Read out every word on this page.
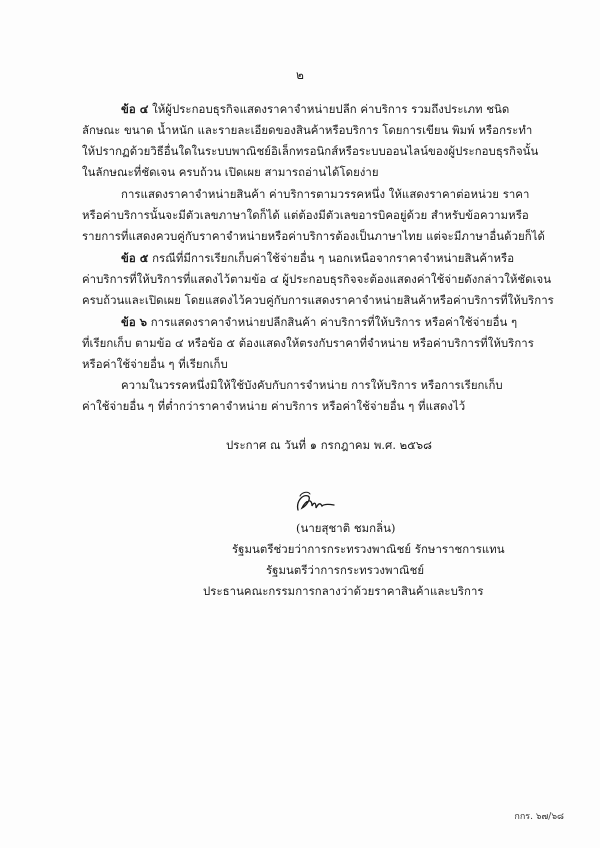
๒
ข้อ ๔ ให้ผู้ประกอบธุรกิจแสดงราคาจำหน่ายปลีก ค่าบริการ รวมถึงประเภท ชนิด
ลักษณะ ขนาด น้ำหนัก และรายละเอียดของสินค้าหรือบริการ โดยการเขียน พิมพ์ หรือกระทำ
ให้ปรากฏด้วยวิธีอื่นใดในระบบพาณิชย์อิเล็กทรอนิกส์หรือระบบออนไลน์ของผู้ประกอบธุรกิจนั้น
ในลักษณะที่ชัดเจน ครบถ้วน เปิดเผย สามารถอ่านได้โดยง่าย
การแสดงราคาจำหน่ายสินค้า ค่าบริการตามวรรคหนึ่ง ให้แสดงราคาต่อหน่วย ราคา
หรือค่าบริการนั้นจะมีตัวเลขภาษาใดก็ได้ แต่ต้องมีตัวเลขอารบิคอยู่ด้วย สำหรับข้อความหรือ
รายการที่แสดงควบคู่กับราคาจำหน่ายหรือค่าบริการต้องเป็นภาษาไทย แต่จะมีภาษาอื่นด้วยก็ได้
ข้อ ๕ กรณีที่มีการเรียกเก็บค่าใช้จ่ายอื่น ๆ นอกเหนือจากราคาจำหน่ายสินค้าหรือ
ค่าบริการที่ให้บริการที่แสดงไว้ตามข้อ ๔ ผู้ประกอบธุรกิจจะต้องแสดงค่าใช้จ่ายดังกล่าวให้ชัดเจน
ครบถ้วนและเปิดเผย โดยแสดงไว้ควบคู่กับการแสดงราคาจำหน่ายสินค้าหรือค่าบริการที่ให้บริการ
ข้อ ๖ การแสดงราคาจำหน่ายปลีกสินค้า ค่าบริการที่ให้บริการ หรือค่าใช้จ่ายอื่น ๆ
ที่เรียกเก็บ ตามข้อ ๔ หรือข้อ ๕ ต้องแสดงให้ตรงกับราคาที่จำหน่าย หรือค่าบริการที่ให้บริการ
หรือค่าใช้จ่ายอื่น ๆ ที่เรียกเก็บ
ความในวรรคหนึ่งมิให้ใช้บังคับกับการจำหน่าย การให้บริการ หรือการเรียกเก็บ
ค่าใช้จ่ายอื่น ๆ ที่ต่ำกว่าราคาจำหน่าย ค่าบริการ หรือค่าใช้จ่ายอื่น ๆ ที่แสดงไว้
ประกาศ ณ วันที่ ๑ กรกฎาคม พ.ศ. ๒๕๖๘
(นายสุชาติ ชมกลิ่น)
รัฐมนตรีช่วยว่าการกระทรวงพาณิชย์ รักษาราชการแทน
รัฐมนตรีว่าการกระทรวงพาณิชย์
ประธานคณะกรรมการกลางว่าด้วยราคาสินค้าและบริการ
กกร. ๖๗/๖๘
